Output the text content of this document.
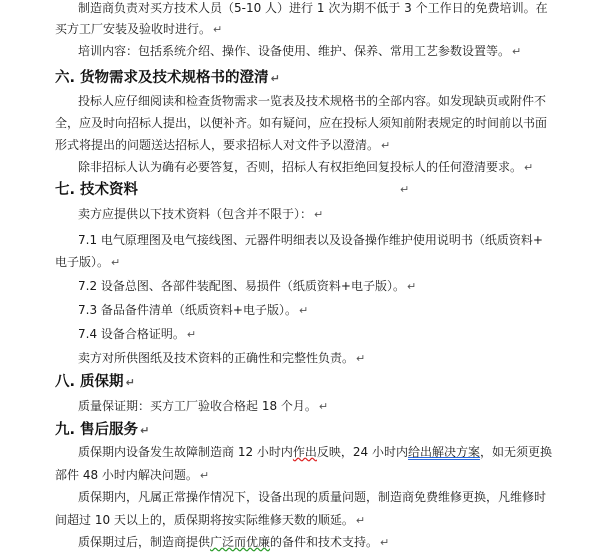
制造商负责对买方技术人员（5-10 人）进行 1 次为期不低于 3 个工作日的免费培训。在
买方工厂安装及验收时进行。 ↵
培训内容：包括系统介绍、操作、设备使用、维护、保养、常用工艺参数设置等。 ↵
六. 货物需求及技术规格书的澄清 ↵
投标人应仔细阅读和检查货物需求一览表及技术规格书的全部内容。如发现缺页或附件不
全，应及时向招标人提出，以便补齐。如有疑问，应在投标人须知前附表规定的时间前以书面
形式将提出的问题送达招标人，要求招标人对文件予以澄清。 ↵
除非招标人认为确有必要答复，否则，招标人有权拒绝回复投标人的任何澄清要求。 ↵
七. 技术资料	↵
卖方应提供以下技术资料（包含并不限于）： ↵
7.1 电气原理图及电气接线图、元器件明细表以及设备操作维护使用说明书（纸质资料+
电子版）。 ↵
7.2 设备总图、各部件装配图、易损件（纸质资料+电子版）。 ↵
7.3 备品备件清单（纸质资料+电子版）。 ↵
7.4 设备合格证明。 ↵
卖方对所供图纸及技术资料的正确性和完整性负责。 ↵
八. 质保期 ↵
质量保证期：买方工厂验收合格起 18 个月。 ↵
九. 售后服务 ↵
质保期内设备发生故障制造商 12 小时内作出反映，24 小时内给出解决方案，如无须更换
部件 48 小时内解决问题。 ↵
质保期内，凡属正常操作情况下，设备出现的质量问题，制造商免费维修更换，凡维修时
间超过 10 天以上的，质保期将按实际维修天数的顺延。 ↵
质保期过后，制造商提供广泛而优廉的备件和技术支持。 ↵
